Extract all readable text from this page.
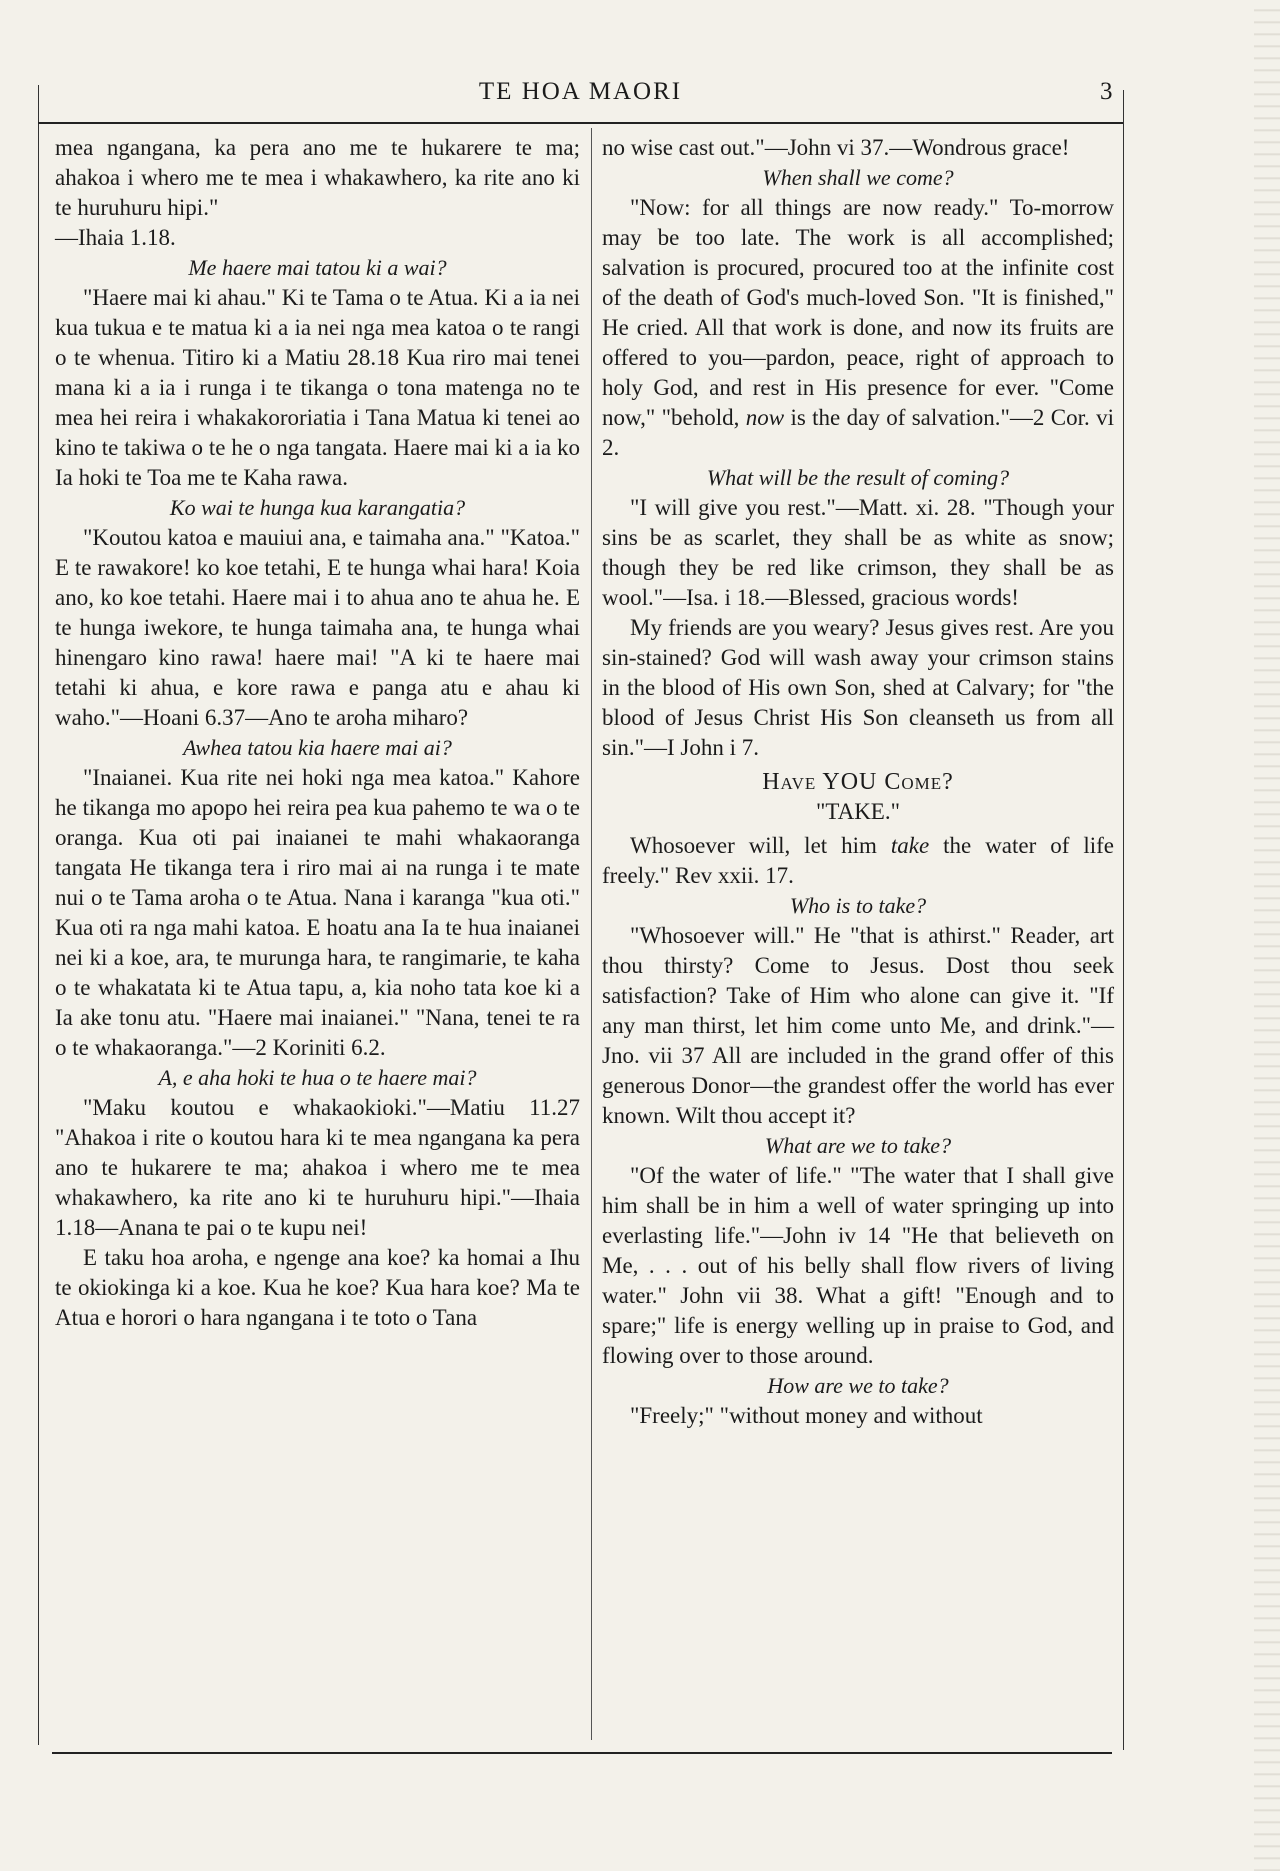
TE HOA MAORI	3

mea ngangana, ka pera ano me te hukarere te ma; ahakoa i whero me te mea i whakawhero, ka rite ano ki te huruhuru hipi."

—Ihaia 1.18.

Me haere mai tatou ki a wai?

"Haere mai ki ahau." Ki te Tama o te Atua. Ki a ia nei kua tukua e te matua ki a ia nei nga mea katoa o te rangi o te whenua. Titiro ki a Matiu 28.18 Kua riro mai tenei mana ki a ia i runga i te tikanga o tona matenga no te mea hei reira i whakakororiatia i Tana Matua ki tenei ao kino te takiwa o te he o nga tangata. Haere mai ki a ia ko Ia hoki te Toa me te Kaha rawa.

Ko wai te hunga kua karangatia?

"Koutou katoa e mauiui ana, e taimaha ana." "Katoa." E te rawakore! ko koe tetahi, E te hunga whai hara! Koia ano, ko koe tetahi. Haere mai i to ahua ano te ahua he. E te hunga iwekore, te hunga taimaha ana, te hunga whai hinengaro kino rawa! haere mai! "A ki te haere mai tetahi ki ahua, e kore rawa e panga atu e ahau ki waho."—Hoani 6.37—Ano te aroha miharo?

Awhea tatou kia haere mai ai?

"Inaianei. Kua rite nei hoki nga mea katoa." Kahore he tikanga mo apopo hei reira pea kua pahemo te wa o te oranga. Kua oti pai inaianei te mahi whakaoranga tangata He tikanga tera i riro mai ai na runga i te mate nui o te Tama aroha o te Atua. Nana i karanga "kua oti." Kua oti ra nga mahi katoa. E hoatu ana Ia te hua inaianei nei ki a koe, ara, te murunga hara, te rangimarie, te kaha o te whakatata ki te Atua tapu, a, kia noho tata koe ki a Ia ake tonu atu. "Haere mai inaianei." "Nana, tenei te ra o te whakaoranga."—2 Koriniti 6.2.

A, e aha hoki te hua o te haere mai?

"Maku koutou e whakaokioki."—Matiu 11.27 "Ahakoa i rite o koutou hara ki te mea ngangana ka pera ano te hukarere te ma; ahakoa i whero me te mea whakawhero, ka rite ano ki te huruhuru hipi."—Ihaia 1.18—Anana te pai o te kupu nei!

E taku hoa aroha, e ngenge ana koe? ka homai a Ihu te okiokinga ki a koe. Kua he koe? Kua hara koe? Ma te Atua e horori o hara ngangana i te toto o Tana

no wise cast out."—John vi 37.—Wondrous grace!

When shall we come?

"Now: for all things are now ready." To-morrow may be too late. The work is all accomplished; salvation is procured, procured too at the infinite cost of the death of God's much-loved Son. "It is finished," He cried. All that work is done, and now its fruits are offered to you—pardon, peace, right of approach to holy God, and rest in His presence for ever. "Come now," "behold, now is the day of salvation."—2 Cor. vi 2.

What will be the result of coming?

"I will give you rest."—Matt. xi. 28. "Though your sins be as scarlet, they shall be as white as snow; though they be red like crimson, they shall be as wool."—Isa. i 18.—Blessed, gracious words!

My friends are you weary? Jesus gives rest. Are you sin-stained? God will wash away your crimson stains in the blood of His own Son, shed at Calvary; for "the blood of Jesus Christ His Son cleanseth us from all sin."—I John i 7.

Have YOU Come?

"TAKE."

Whosoever will, let him take the water of life freely." Rev xxii. 17.

Who is to take?

"Whosoever will." He "that is athirst." Reader, art thou thirsty? Come to Jesus. Dost thou seek satisfaction? Take of Him who alone can give it. "If any man thirst, let him come unto Me, and drink."—Jno. vii 37 All are included in the grand offer of this generous Donor—the grandest offer the world has ever known. Wilt thou accept it?

What are we to take?

"Of the water of life." "The water that I shall give him shall be in him a well of water springing up into everlasting life."—John iv 14 "He that believeth on Me, . . . out of his belly shall flow rivers of living water." John vii 38. What a gift! "Enough and to spare;" life is energy welling up in praise to God, and flowing over to those around.

How are we to take?

"Freely;" "without money and without
